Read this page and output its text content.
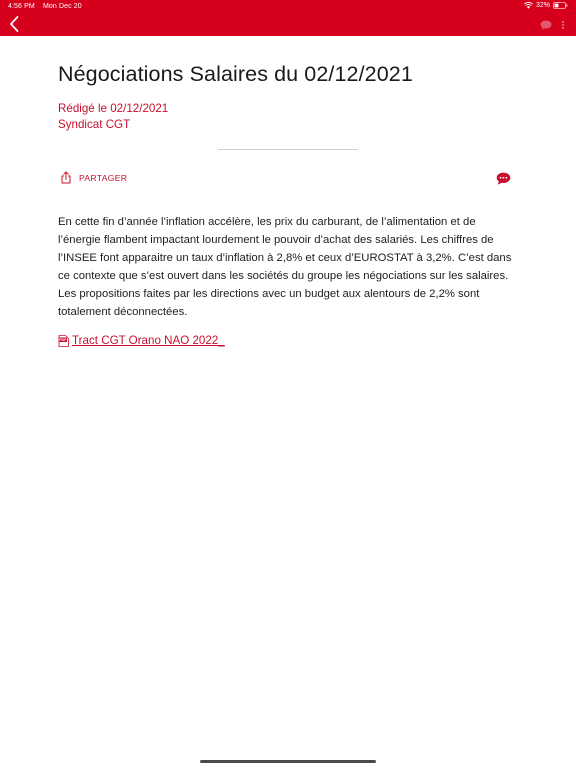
4:56 PM Mon Dec 20	32%
Négociations Salaires du 02/12/2021
Rédigé le 02/12/2021
Syndicat CGT
PARTAGER

En cette fin d’année l’inflation accélère, les prix du carburant, de l’alimentation et de l’énergie flambent impactant lourdement le pouvoir d’achat des salariés. Les chiffres de l’INSEE font apparaitre un taux d’inflation à 2,8% et ceux d’EUROSTAT à 3,2%. C’est dans ce contexte que s’est ouvert dans les sociétés du groupe les négociations sur les salaires. Les propositions faites par les directions avec un budget aux alentours de 2,2% sont totalement déconnectées.

PDF Tract CGT Orano NAO 2022_
